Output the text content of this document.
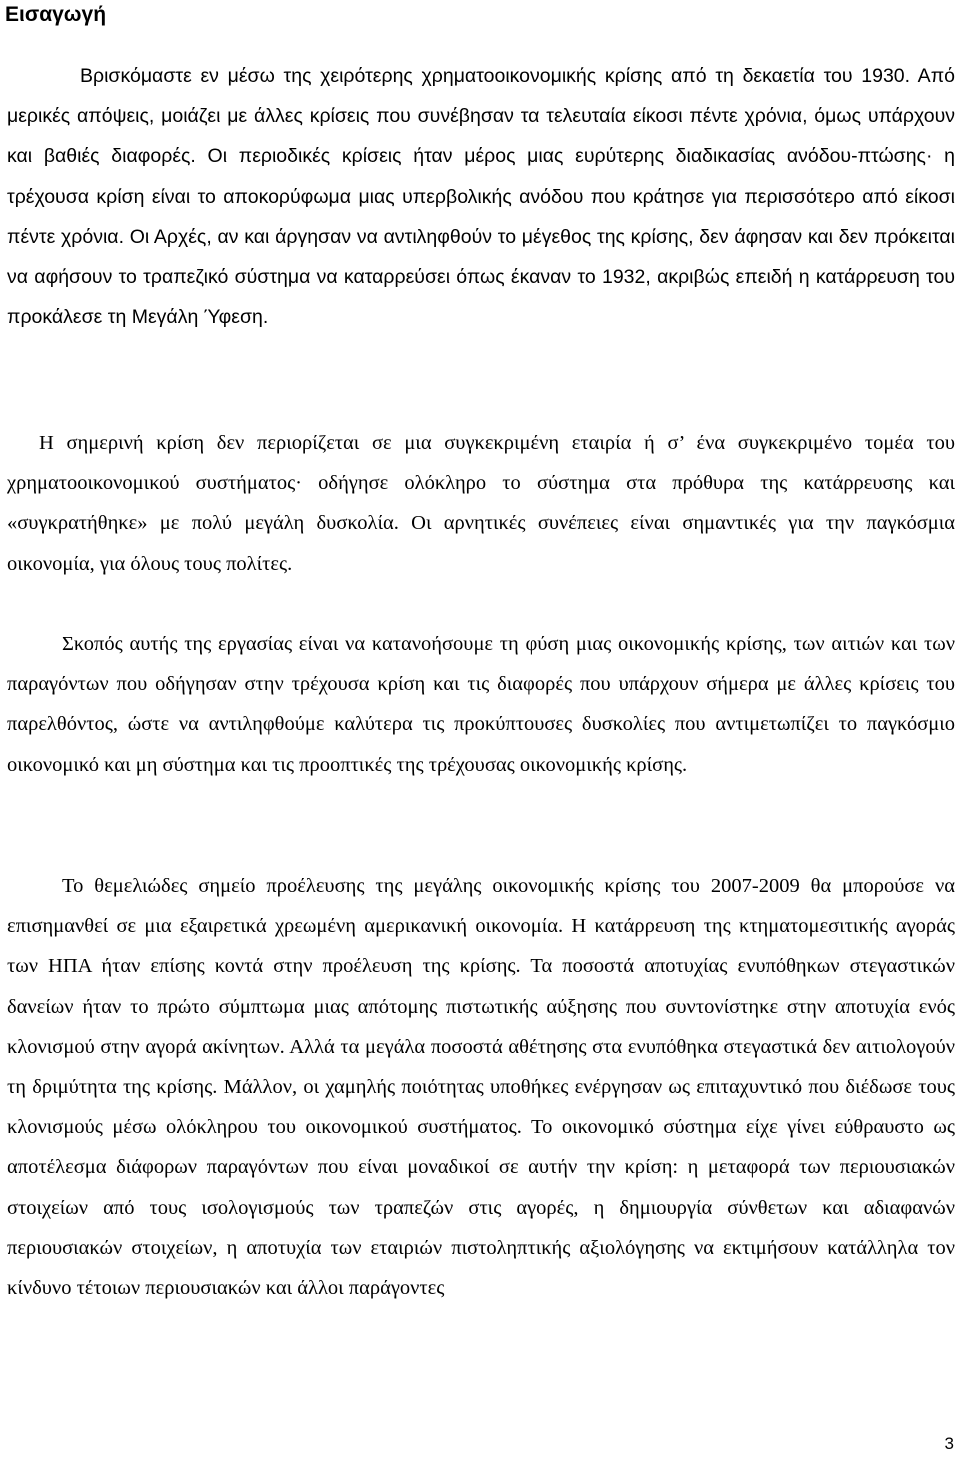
Εισαγωγή

Βρισκόμαστε εν μέσω της χειρότερης χρηματοοικονομικής κρίσης από τη δεκαετία του 1930. Από μερικές απόψεις, μοιάζει με άλλες κρίσεις που συνέβησαν τα τελευταία είκοσι πέντε χρόνια, όμως υπάρχουν και βαθιές διαφορές. Οι περιοδικές κρίσεις ήταν μέρος μιας ευρύτερης διαδικασίας ανόδου-πτώσης· η τρέχουσα κρίση είναι το αποκορύφωμα μιας υπερβολικής ανόδου που κράτησε για περισσότερο από είκοσι πέντε χρόνια. Οι Αρχές, αν και άργησαν να αντιληφθούν το μέγεθος της κρίσης, δεν άφησαν και δεν πρόκειται να αφήσουν το τραπεζικό σύστημα να καταρρεύσει όπως έκαναν το 1932, ακριβώς επειδή η κατάρρευση του προκάλεσε τη Μεγάλη Ύφεση.

Η σημερινή κρίση δεν περιορίζεται σε μια συγκεκριμένη εταιρία ή σ’ ένα συγκεκριμένο τομέα του χρηματοοικονομικού συστήματος· οδήγησε ολόκληρο το σύστημα στα πρόθυρα της κατάρρευσης και «συγκρατήθηκε» με πολύ μεγάλη δυσκολία. Οι αρνητικές συνέπειες είναι σημαντικές για την παγκόσμια οικονομία, για όλους τους πολίτες.

Σκοπός αυτής της εργασίας είναι να κατανοήσουμε τη φύση μιας οικονομικής κρίσης, των αιτιών και των παραγόντων που οδήγησαν στην τρέχουσα κρίση και τις διαφορές που υπάρχουν σήμερα με άλλες κρίσεις του παρελθόντος, ώστε να αντιληφθούμε καλύτερα τις προκύπτουσες δυσκολίες που αντιμετωπίζει το παγκόσμιο οικονομικό και μη σύστημα και τις προοπτικές της τρέχουσας οικονομικής κρίσης.

Το θεμελιώδες σημείο προέλευσης της μεγάλης οικονομικής κρίσης του 2007-2009 θα μπορούσε να επισημανθεί σε μια εξαιρετικά χρεωμένη αμερικανική οικονομία. Η κατάρρευση της κτηματομεσιτικής αγοράς των ΗΠΑ ήταν επίσης κοντά στην προέλευση της κρίσης. Τα ποσοστά αποτυχίας ενυπόθηκων στεγαστικών δανείων ήταν το πρώτο σύμπτωμα μιας απότομης πιστωτικής αύξησης που συντονίστηκε στην αποτυχία ενός κλονισμού στην αγορά ακίνητων. Αλλά τα μεγάλα ποσοστά αθέτησης στα ενυπόθηκα στεγαστικά δεν αιτιολογούν τη δριμύτητα της κρίσης. Μάλλον, οι χαμηλής ποιότητας υποθήκες ενέργησαν ως επιταχυντικό που διέδωσε τους κλονισμούς μέσω ολόκληρου του οικονομικού συστήματος. Το οικονομικό σύστημα είχε γίνει εύθραυστο ως αποτέλεσμα διάφορων παραγόντων που είναι μοναδικοί σε αυτήν την κρίση: η μεταφορά των περιουσιακών στοιχείων από τους ισολογισμούς των τραπεζών στις αγορές, η δημιουργία σύνθετων και αδιαφανών περιουσιακών στοιχείων, η αποτυχία των εταιριών πιστοληπτικής αξιολόγησης να εκτιμήσουν κατάλληλα τον κίνδυνο τέτοιων περιουσιακών και άλλοι παράγοντες

3
